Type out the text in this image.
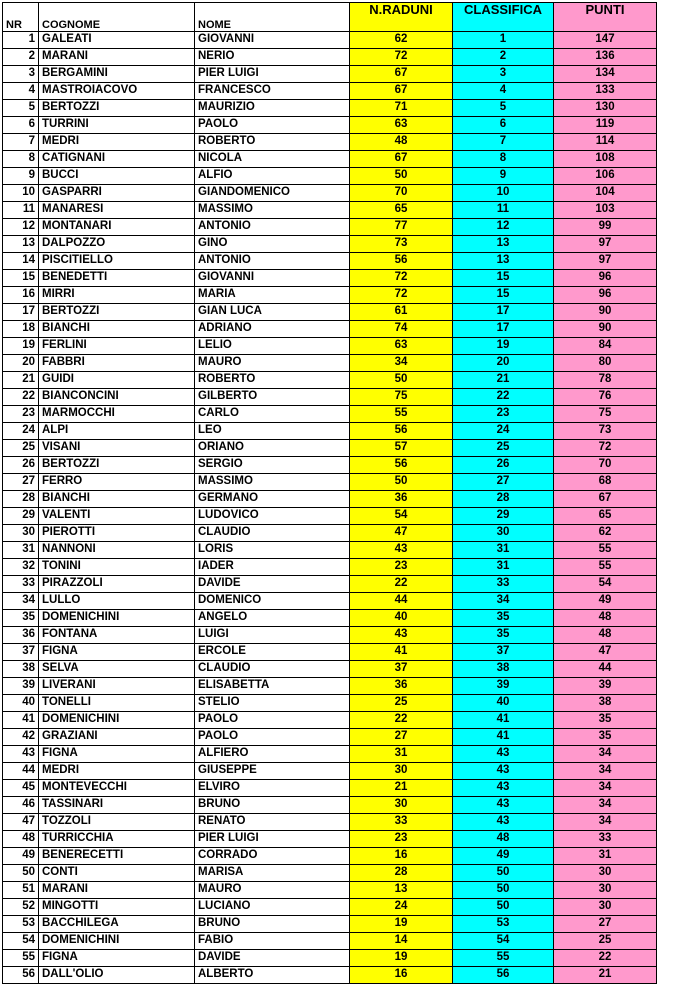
NR	COGNOME	NOME	N.RADUNI	CLASSIFICA	PUNTI
1	GALEATI	GIOVANNI	62	1	147
2	MARANI	NERIO	72	2	136
3	BERGAMINI	PIER LUIGI	67	3	134
4	MASTROIACOVO	FRANCESCO	67	4	133
5	BERTOZZI	MAURIZIO	71	5	130
6	TURRINI	PAOLO	63	6	119
7	MEDRI	ROBERTO	48	7	114
8	CATIGNANI	NICOLA	67	8	108
9	BUCCI	ALFIO	50	9	106
10	GASPARRI	GIANDOMENICO	70	10	104
11	MANARESI	MASSIMO	65	11	103
12	MONTANARI	ANTONIO	77	12	99
13	DALPOZZO	GINO	73	13	97
14	PISCITIELLO	ANTONIO	56	13	97
15	BENEDETTI	GIOVANNI	72	15	96
16	MIRRI	MARIA	72	15	96
17	BERTOZZI	GIAN LUCA	61	17	90
18	BIANCHI	ADRIANO	74	17	90
19	FERLINI	LELIO	63	19	84
20	FABBRI	MAURO	34	20	80
21	GUIDI	ROBERTO	50	21	78
22	BIANCONCINI	GILBERTO	75	22	76
23	MARMOCCHI	CARLO	55	23	75
24	ALPI	LEO	56	24	73
25	VISANI	ORIANO	57	25	72
26	BERTOZZI	SERGIO	56	26	70
27	FERRO	MASSIMO	50	27	68
28	BIANCHI	GERMANO	36	28	67
29	VALENTI	LUDOVICO	54	29	65
30	PIEROTTI	CLAUDIO	47	30	62
31	NANNONI	LORIS	43	31	55
32	TONINI	IADER	23	31	55
33	PIRAZZOLI	DAVIDE	22	33	54
34	LULLO	DOMENICO	44	34	49
35	DOMENICHINI	ANGELO	40	35	48
36	FONTANA	LUIGI	43	35	48
37	FIGNA	ERCOLE	41	37	47
38	SELVA	CLAUDIO	37	38	44
39	LIVERANI	ELISABETTA	36	39	39
40	TONELLI	STELIO	25	40	38
41	DOMENICHINI	PAOLO	22	41	35
42	GRAZIANI	PAOLO	27	41	35
43	FIGNA	ALFIERO	31	43	34
44	MEDRI	GIUSEPPE	30	43	34
45	MONTEVECCHI	ELVIRO	21	43	34
46	TASSINARI	BRUNO	30	43	34
47	TOZZOLI	RENATO	33	43	34
48	TURRICCHIA	PIER LUIGI	23	48	33
49	BENERECETTI	CORRADO	16	49	31
50	CONTI	MARISA	28	50	30
51	MARANI	MAURO	13	50	30
52	MINGOTTI	LUCIANO	24	50	30
53	BACCHILEGA	BRUNO	19	53	27
54	DOMENICHINI	FABIO	14	54	25
55	FIGNA	DAVIDE	19	55	22
56	DALL'OLIO	ALBERTO	16	56	21
